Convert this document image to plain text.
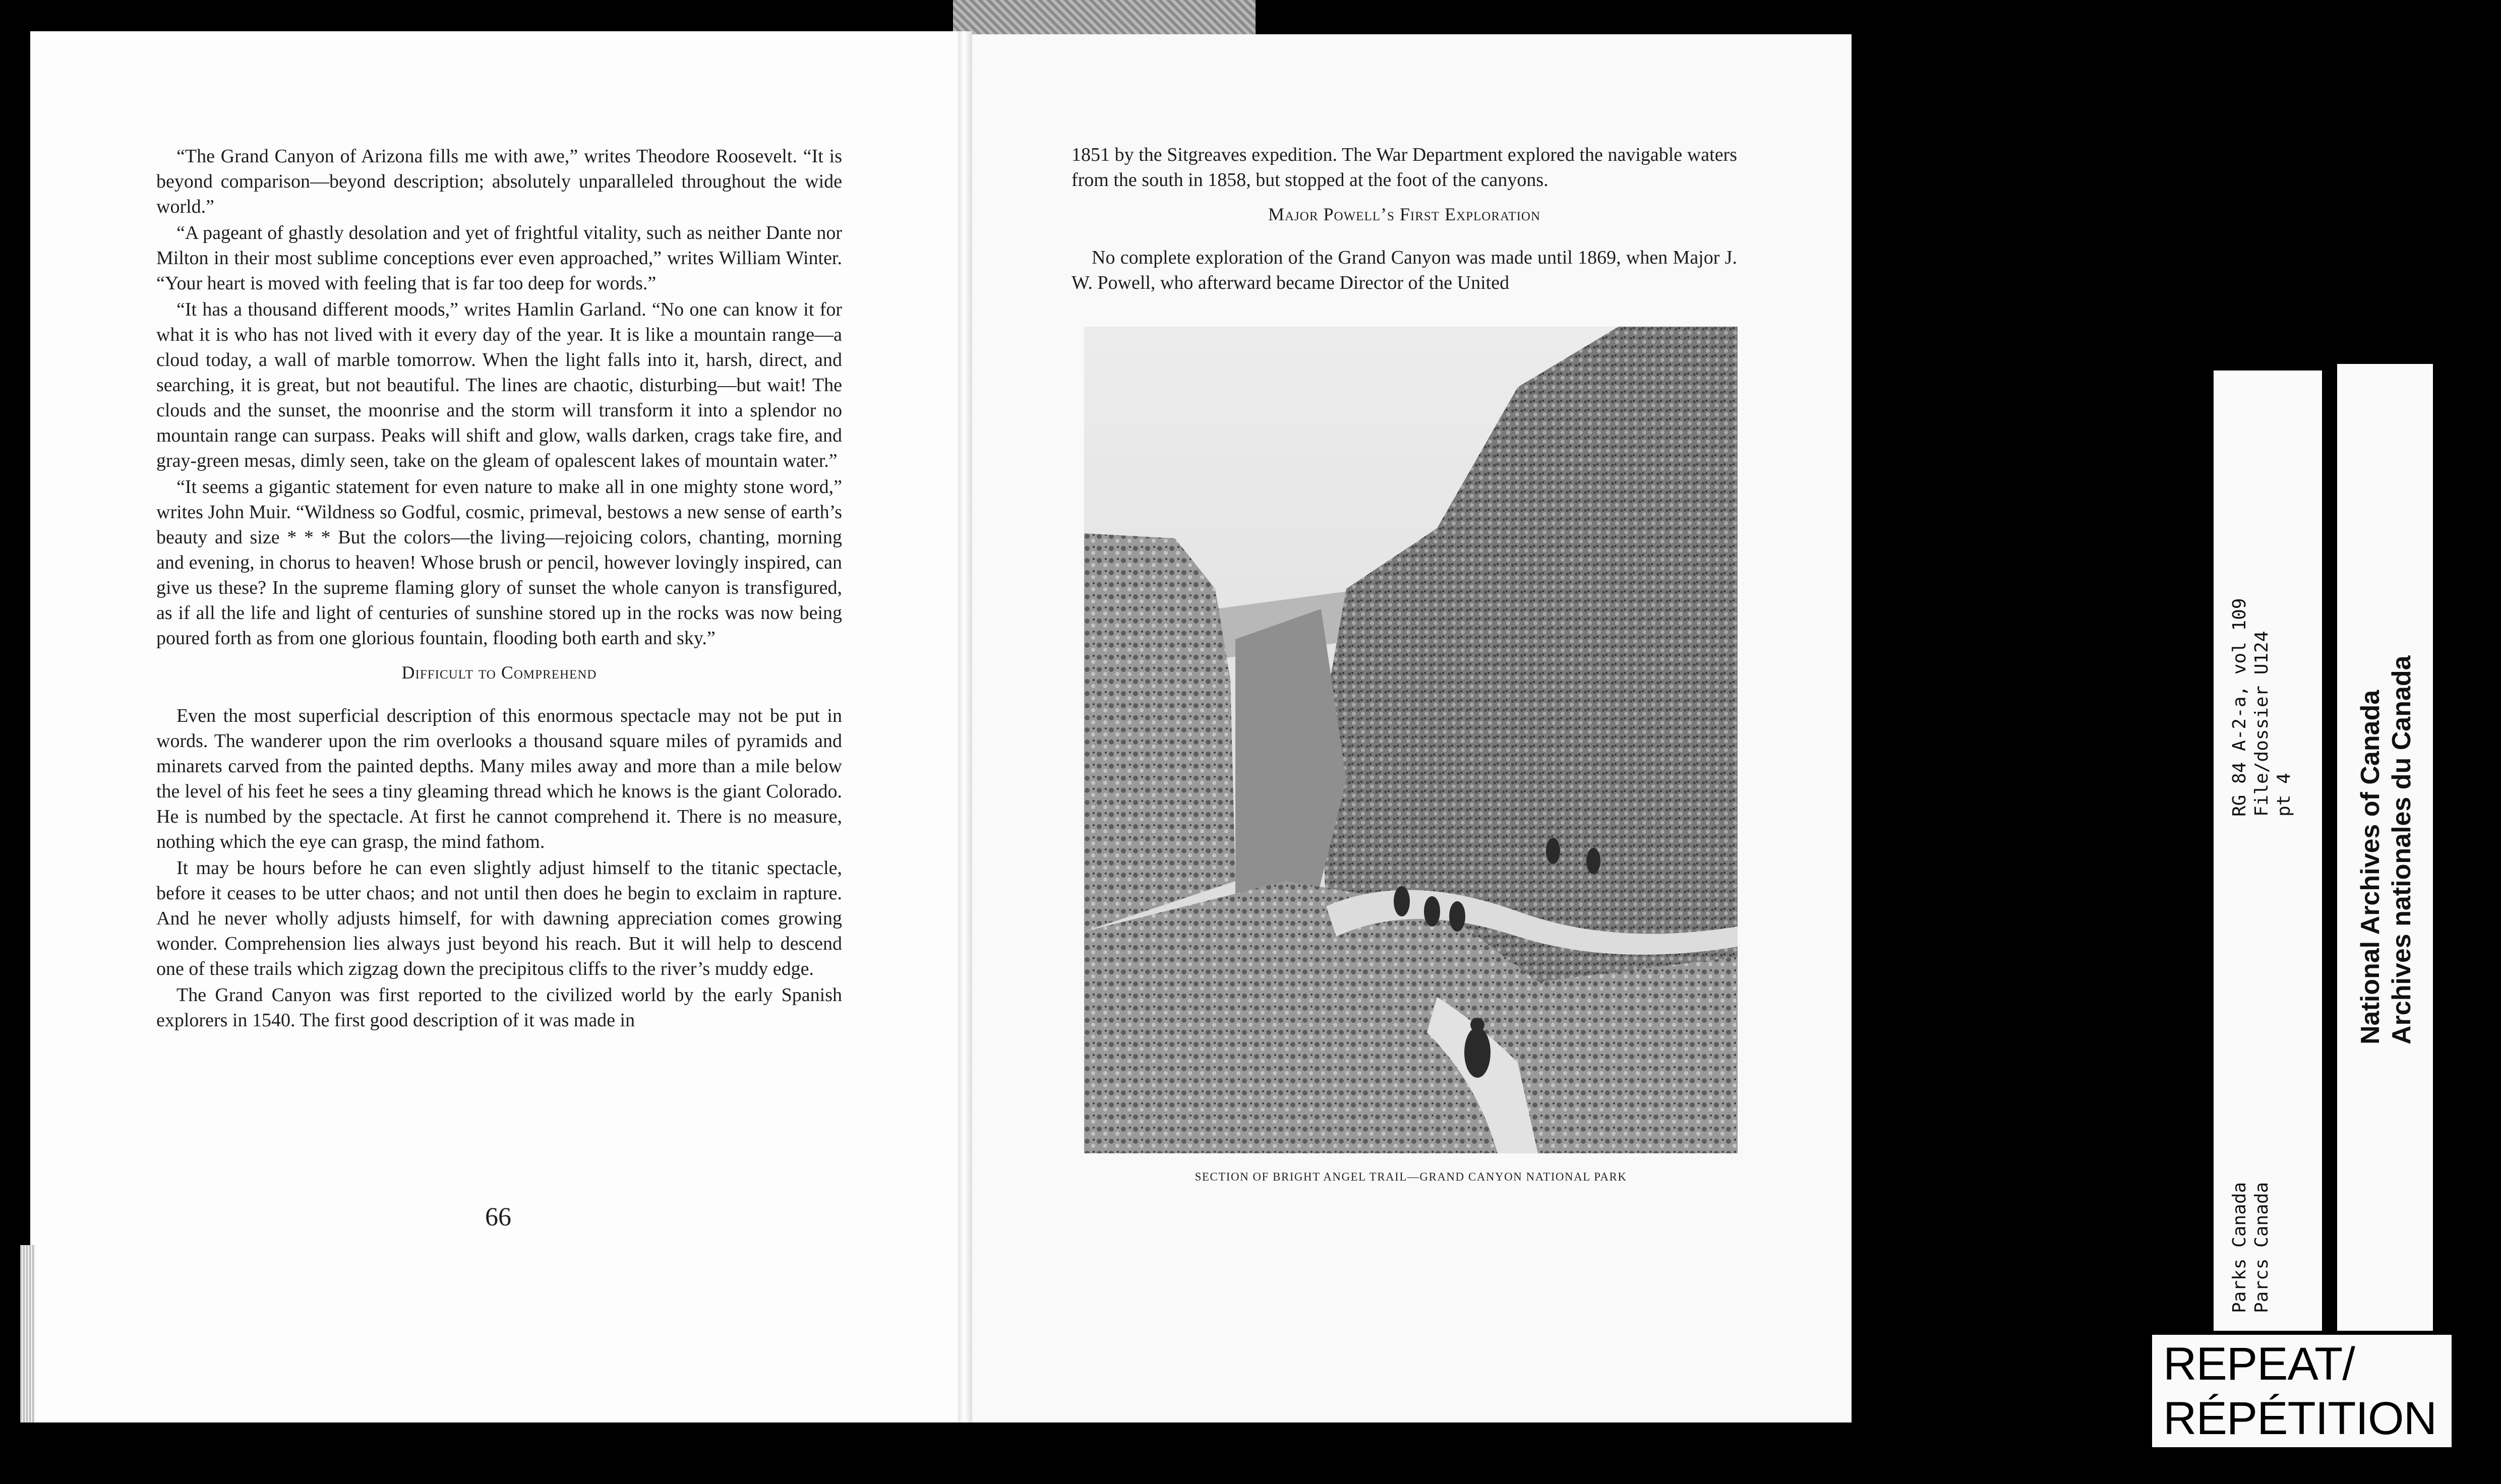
“The Grand Canyon of Arizona fills me with awe,” writes Theodore Roosevelt. “It is beyond comparison—beyond description; absolutely unparalleled throughout the wide world.”

“A pageant of ghastly desolation and yet of frightful vitality, such as neither Dante nor Milton in their most sublime conceptions ever even approached,” writes William Winter. “Your heart is moved with feeling that is far too deep for words.”

“It has a thousand different moods,” writes Hamlin Garland. “No one can know it for what it is who has not lived with it every day of the year. It is like a mountain range—a cloud today, a wall of marble tomorrow. When the light falls into it, harsh, direct, and searching, it is great, but not beautiful. The lines are chaotic, disturbing—but wait! The clouds and the sunset, the moonrise and the storm will transform it into a splendor no mountain range can surpass. Peaks will shift and glow, walls darken, crags take fire, and gray-green mesas, dimly seen, take on the gleam of opalescent lakes of mountain water.”

“It seems a gigantic statement for even nature to make all in one mighty stone word,” writes John Muir. “Wildness so Godful, cosmic, primeval, bestows a new sense of earth’s beauty and size * * * But the colors—the living—rejoicing colors, chanting, morning and evening, in chorus to heaven! Whose brush or pencil, however lovingly inspired, can give us these? In the supreme flaming glory of sunset the whole canyon is transfigured, as if all the life and light of centuries of sunshine stored up in the rocks was now being poured forth as from one glorious fountain, flooding both earth and sky.”

Difficult to Comprehend

Even the most superficial description of this enormous spectacle may not be put in words. The wanderer upon the rim overlooks a thousand square miles of pyramids and minarets carved from the painted depths. Many miles away and more than a mile below the level of his feet he sees a tiny gleaming thread which he knows is the giant Colorado. He is numbed by the spectacle. At first he cannot comprehend it. There is no measure, nothing which the eye can grasp, the mind fathom.

It may be hours before he can even slightly adjust himself to the titanic spectacle, before it ceases to be utter chaos; and not until then does he begin to exclaim in rapture. And he never wholly adjusts himself, for with dawning appreciation comes growing wonder. Comprehension lies always just beyond his reach. But it will help to descend one of these trails which zigzag down the precipitous cliffs to the river’s muddy edge.

The Grand Canyon was first reported to the civilized world by the early Spanish explorers in 1540. The first good description of it was made in

66

1851 by the Sitgreaves expedition. The War Department explored the navigable waters from the south in 1858, but stopped at the foot of the canyons.

Major Powell’s First Exploration

No complete exploration of the Grand Canyon was made until 1869, when Major J. W. Powell, who afterward became Director of the United

SECTION OF BRIGHT ANGEL TRAIL—GRAND CANYON NATIONAL PARK
RG 84 A-2-a, vol 109 File/dossier U124 pt 4
Parks Canada Parcs Canada
National Archives of Canada Archives nationales du Canada
REPEAT/
RÉPÉTITION
